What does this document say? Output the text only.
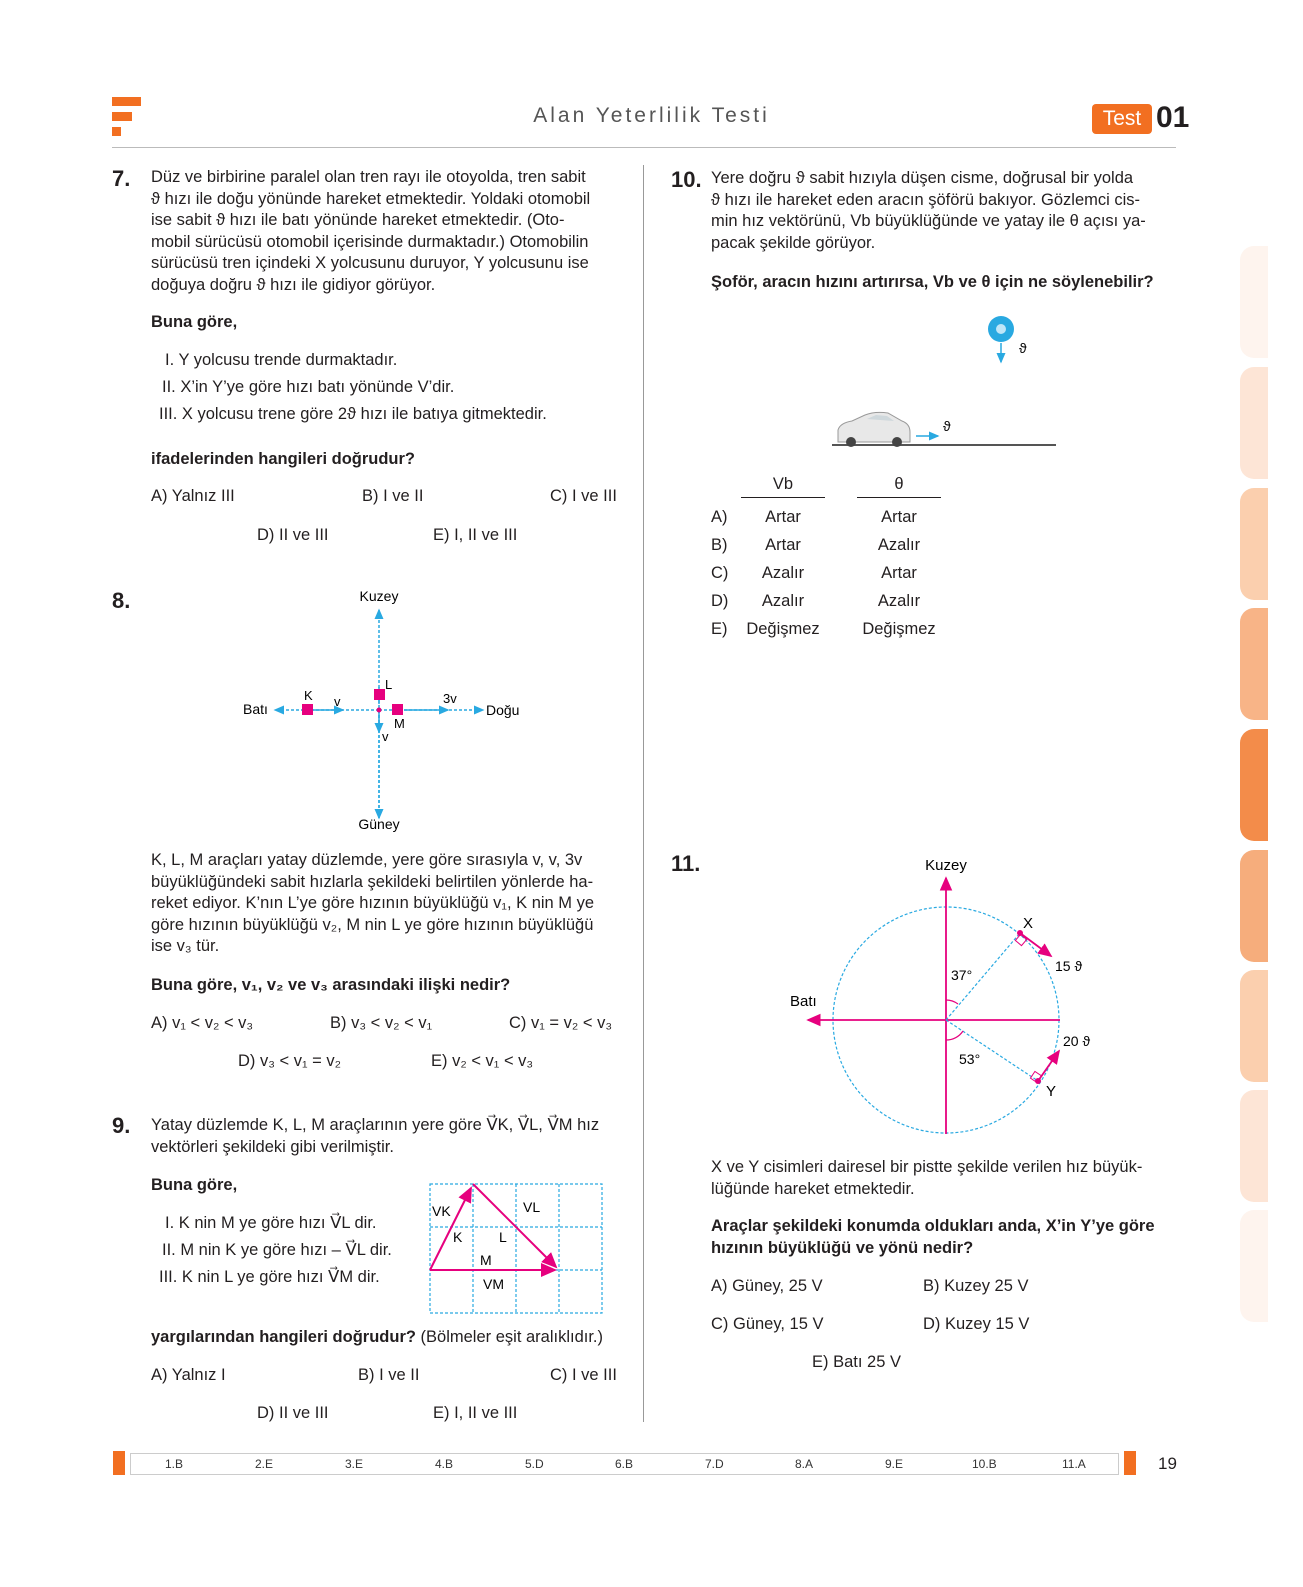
Alan Yeterlilik Testi	Test 01
7. Düz ve birbirine paralel olan tren rayı ile otoyolda, tren sabit
ϑ hızı ile doğu yönünde hareket etmektedir. Yoldaki otomobil
ise sabit ϑ hızı ile batı yönünde hareket etmektedir. (Oto-
mobil sürücüsü otomobil içerisinde durmaktadır.) Otomobilin
sürücüsü tren içindeki X yolcusunu duruyor, Y yolcusunu ise
doğuya doğru ϑ hızı ile gidiyor görüyor.
Buna göre,
I. Y yolcusu trende durmaktadır.
II. X’in Y’ye göre hızı batı yönünde V’dir.
III. X yolcusu trene göre 2ϑ hızı ile batıya gitmektedir.
ifadelerinden hangileri doğrudur?
A) Yalnız III	B) I ve II	C) I ve III
D) II ve III	E) I, II ve III
8.	Kuzey
Güney
Batı	Doğu
K
L
M
v
v
3v
K, L, M araçları yatay düzlemde, yere göre sırasıyla v, v, 3v
büyüklüğündeki sabit hızlarla şekildeki belirtilen yönlerde ha-
reket ediyor. K’nın L’ye göre hızının büyüklüğü v₁, K nin M ye
göre hızının büyüklüğü v₂, M nin L ye göre hızının büyüklüğü
ise v₃ tür.
Buna göre, v₁, v₂ ve v₃ arasındaki ilişki nedir?
A) v₁ < v₂ < v₃	B) v₃ < v₂ < v₁	C) v₁ = v₂ < v₃
D) v₃ < v₁ = v₂	E) v₂ < v₁ < v₃
9. Yatay düzlemde K, L, M araçlarının yere göre V⃗K, V⃗L, V⃗M hız
vektörleri şekildeki gibi verilmiştir.
Buna göre,
I. K nin M ye göre hızı V⃗L dir.
II. M nin K ye göre hızı – V⃗L dir.
III. K nin L ye göre hızı V⃗M dir.
VK	VL
VM
K	L
M
yargılarından hangileri doğrudur? (Bölmeler eşit aralıklıdır.)
A) Yalnız I	B) I ve II	C) I ve III
D) II ve III	E) I, II ve III
10. Yere doğru ϑ sabit hızıyla düşen cisme, doğrusal bir yolda
ϑ hızı ile hareket eden aracın şöförü bakıyor. Gözlemci cis-
min hız vektörünü, Vb büyüklüğünde ve yatay ile θ açısı ya-
pacak şekilde görüyor.
Şoför, aracın hızını artırırsa, Vb ve θ için ne söylenebilir?
ϑ
ϑ
Vb	θ
A)	Artar	Artar
B)	Artar	Azalır
C)	Azalır	Artar
D)	Azalır	Azalır
E)	Değişmez	Değişmez
11.	Kuzey
Batı
X
Y
15 ϑ
20 ϑ
37°
53°
X ve Y cisimleri dairesel bir pistte şekilde verilen hız büyük-
lüğünde hareket etmektedir.
Araçlar şekildeki konumda oldukları anda, X’in Y’ye göre
hızının büyüklüğü ve yönü nedir?
A) Güney, 25 V	B) Kuzey 25 V
C) Güney, 15 V	D) Kuzey 15 V
E) Batı 25 V
1.B	2.E	3.E	4.B	5.D	6.B	7.D	8.A	9.E	10.B	11.A	19
